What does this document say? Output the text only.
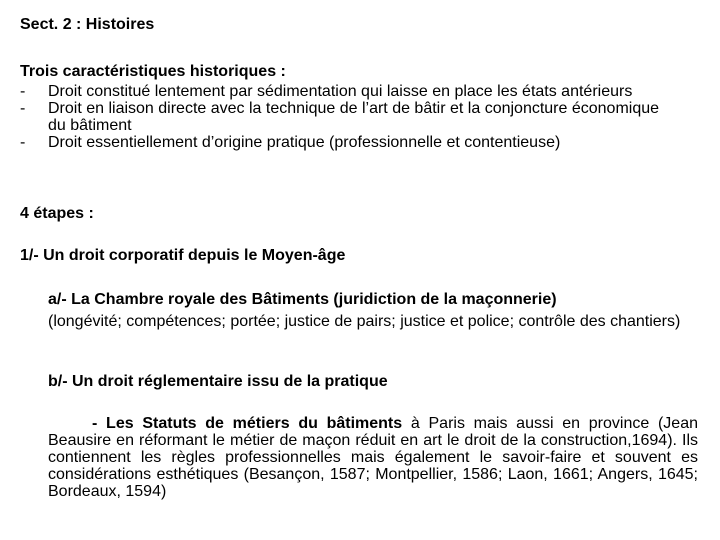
Sect. 2 : Histoires
Trois caractéristiques historiques :
- Droit constitué lentement par sédimentation qui laisse en place les états antérieurs
- Droit en liaison directe avec la technique de l’art de bâtir et la conjoncture économique du bâtiment
- Droit essentiellement d’origine pratique (professionnelle et contentieuse)
4 étapes :
1/- Un droit corporatif depuis le Moyen-âge
a/- La Chambre royale des Bâtiments (juridiction de la maçonnerie)
(longévité; compétences; portée; justice de pairs; justice et police; contrôle des chantiers)
b/- Un droit réglementaire issu de la pratique
- Les Statuts de métiers du bâtiments à Paris mais aussi en province (Jean Beausire en réformant le métier de maçon réduit en art le droit de la construction,1694). Ils contiennent les règles professionnelles mais également le savoir-faire et souvent es considérations esthétiques (Besançon, 1587; Montpellier, 1586; Laon, 1661; Angers, 1645; Bordeaux, 1594)
